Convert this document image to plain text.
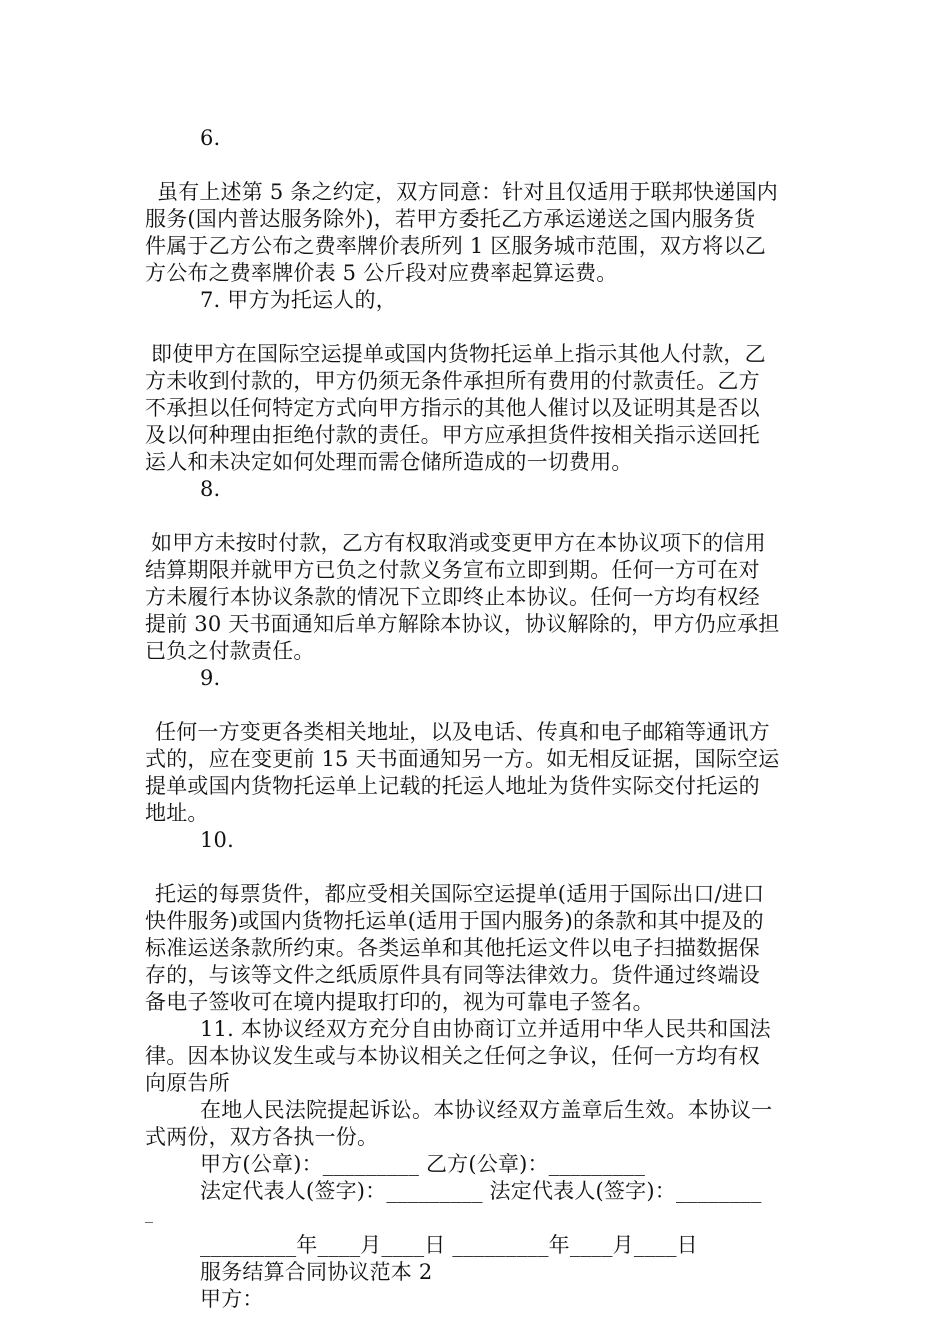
6.
虽有上述第 5 条之约定，双方同意：针对且仅适用于联邦快递国内
服务(国内普达服务除外)，若甲方委托乙方承运递送之国内服务货
件属于乙方公布之费率牌价表所列 1 区服务城市范围，双方将以乙
方公布之费率牌价表 5 公斤段对应费率起算运费。
7. 甲方为托运人的，
即使甲方在国际空运提单或国内货物托运单上指示其他人付款，乙
方未收到付款的，甲方仍须无条件承担所有费用的付款责任。乙方
不承担以任何特定方式向甲方指示的其他人催讨以及证明其是否以
及以何种理由拒绝付款的责任。甲方应承担货件按相关指示送回托
运人和未决定如何处理而需仓储所造成的一切费用。
8.
如甲方未按时付款，乙方有权取消或变更甲方在本协议项下的信用
结算期限并就甲方已负之付款义务宣布立即到期。任何一方可在对
方未履行本协议条款的情况下立即终止本协议。任何一方均有权经
提前 30 天书面通知后单方解除本协议，协议解除的，甲方仍应承担
已负之付款责任。
9.
任何一方变更各类相关地址，以及电话、传真和电子邮箱等通讯方
式的，应在变更前 15 天书面通知另一方。如无相反证据，国际空运
提单或国内货物托运单上记载的托运人地址为货件实际交付托运的
地址。
10.
托运的每票货件，都应受相关国际空运提单(适用于国际出口/进口
快件服务)或国内货物托运单(适用于国内服务)的条款和其中提及的
标准运送条款所约束。各类运单和其他托运文件以电子扫描数据保
存的，与该等文件之纸质原件具有同等法律效力。货件通过终端设
备电子签收可在境内提取打印的，视为可靠电子签名。
11. 本协议经双方充分自由协商订立并适用中华人民共和国法
律。因本协议发生或与本协议相关之任何之争议，任何一方均有权
向原告所
在地人民法院提起诉讼。本协议经双方盖章后生效。本协议一
式两份，双方各执一份。
甲方(公章)：_________ 乙方(公章)：_________
法定代表人(签字)：_________ 法定代表人(签字)：________
_
_________年____月____日 _________年____月____日
服务结算合同协议范本 2
甲方：
